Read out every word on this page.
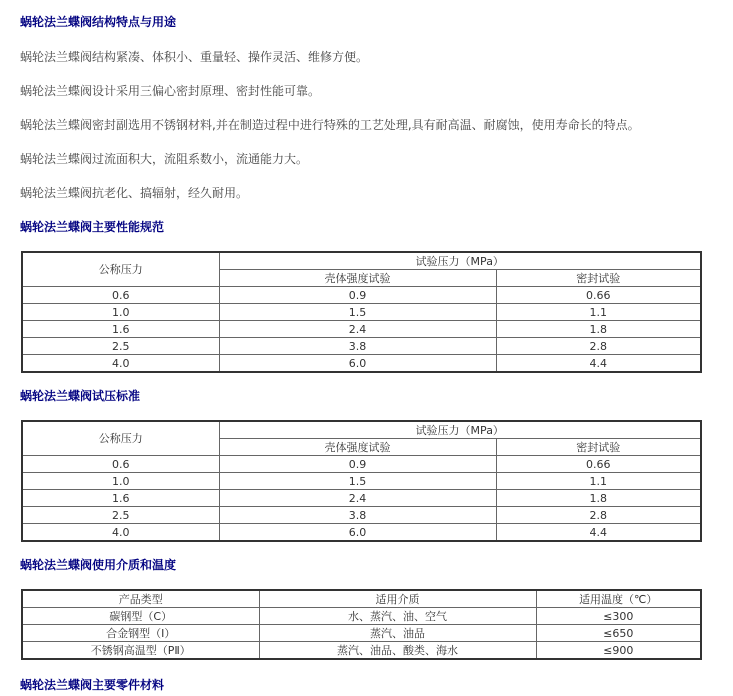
蜗轮法兰蝶阀结构特点与用途
蜗轮法兰蝶阀结构紧凑、体积小、重量轻、操作灵活、维修方便。
蜗轮法兰蝶阀设计采用三偏心密封原理、密封性能可靠。
蜗轮法兰蝶阀密封副选用不锈钢材料,并在制造过程中进行特殊的工艺处理,具有耐高温、耐腐蚀，使用寿命长的特点。
蜗轮法兰蝶阀过流面积大，流阻系数小，流通能力大。
蜗轮法兰蝶阀抗老化、搞辐射，经久耐用。
蜗轮法兰蝶阀主要性能规范
公称压力	试验压力（MPa）	
	壳体强度试验	密封试验
0.6	0.9	0.66
1.0	1.5	1.1
1.6	2.4	1.8
2.5	3.8	2.8
4.0	6.0	4.4
蜗轮法兰蝶阀试压标准
公称压力	试验压力（MPa）	
	壳体强度试验	密封试验
0.6	0.9	0.66
1.0	1.5	1.1
1.6	2.4	1.8
2.5	3.8	2.8
4.0	6.0	4.4
蜗轮法兰蝶阀使用介质和温度
产品类型	适用介质	适用温度（℃）
碳钢型（C）	水、蒸汽、油、空气	≤300
合金钢型（I）	蒸汽、油品	≤650
不锈钢高温型（PⅡ）	蒸汽、油品、酸类、海水	≤900
蜗轮法兰蝶阀主要零件材料
